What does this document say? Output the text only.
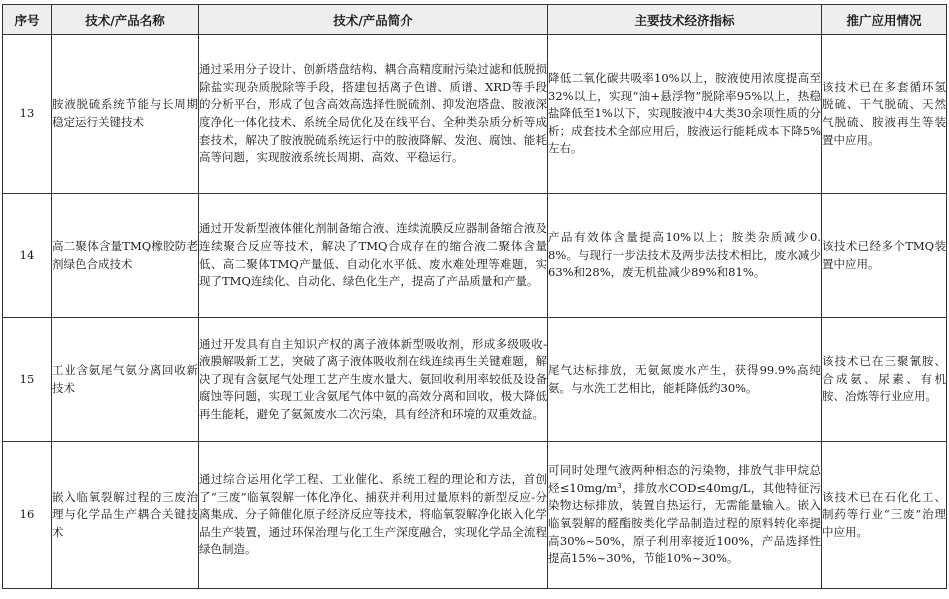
序号	技术/产品名称	技术/产品简介	主要技术经济指标	推广应用情况
13	胺液脱硫系统节能与长周期稳定运行关键技术	通过采用分子设计、创新塔盘结构、耦合高精度耐污染过滤和低脱损除盐实现杂质脱除等手段，搭建包括离子色谱、质谱、XRD等手段的分析平台，形成了包含高效高选择性脱硫剂、抑发泡塔盘、胺液深度净化一体化技术、系统全局优化及在线平台、全种类杂质分析等成套技术，解决了胺液脱硫系统运行中的胺液降解、发泡、腐蚀、能耗高等问题，实现胺液系统长周期、高效、平稳运行。	降低二氧化碳共吸率10%以上，胺液使用浓度提高至32%以上，实现“油+悬浮物”脱除率95%以上，热稳盐降低至1%以下，实现胺液中4大类30余项性质的分析；成套技术全部应用后，胺液运行能耗成本下降5%左右。	该技术已在多套循环氢脱硫、干气脱硫、天然气脱硫、胺液再生等装置中应用。

14	高二聚体含量TMQ橡胶防老剂绿色合成技术	通过开发新型液体催化剂制备缩合液、连续流膜反应器制备缩合液及连续聚合反应等技术，解决了TMQ合成存在的缩合液二聚体含量低、高二聚体TMQ产量低、自动化水平低、废水难处理等难题，实现了TMQ连续化、自动化、绿色化生产，提高了产品质量和产量。	产品有效体含量提高10%以上；胺类杂质减少0.8%。与现行一步法技术及两步法技术相比，废水减少63%和28%，废无机盐减少89%和81%。	该技术已经多个TMQ装置中应用。

15	工业含氨尾气氨分离回收新技术	通过开发具有自主知识产权的离子液体新型吸收剂，形成多级吸收-液膜解吸新工艺，突破了离子液体吸收剂在线连续再生关键难题，解决了现有含氨尾气处理工艺产生废水量大、氨回收利用率较低及设备腐蚀等问题，实现工业含氨尾气体中氨的高效分离和回收，极大降低再生能耗，避免了氨氮废水二次污染，具有经济和环境的双重效益。	尾气达标排放，无氨氮废水产生，获得99.9%高纯氨。与水洗工艺相比，能耗降低约30%。	该技术已在三聚氰胺、合成氨、尿素、有机胺、冶炼等行业应用。

16	嵌入临氧裂解过程的三废治理与化学品生产耦合关键技术	通过综合运用化学工程、工业催化、系统工程的理论和方法，首创了“三废”临氧裂解一体化净化、捕获并利用过量原料的新型反应-分离集成、分子筛催化原子经济反应等技术，将临氧裂解净化嵌入化学品生产装置，通过环保治理与化工生产深度融合，实现化学品全流程绿色制造。	可同时处理气液两种相态的污染物，排放气非甲烷总烃≤10mg/m³，排放水COD≤40mg/L，其他特征污染物达标排放，装置自热运行，无需能量输入。嵌入临氧裂解的醛酯胺类化学品制造过程的原料转化率提高30%~50%，原子利用率接近100%，产品选择性提高15%~30%，节能10%~30%。	该技术已在石化化工、制药等行业“三废”治理中应用。
